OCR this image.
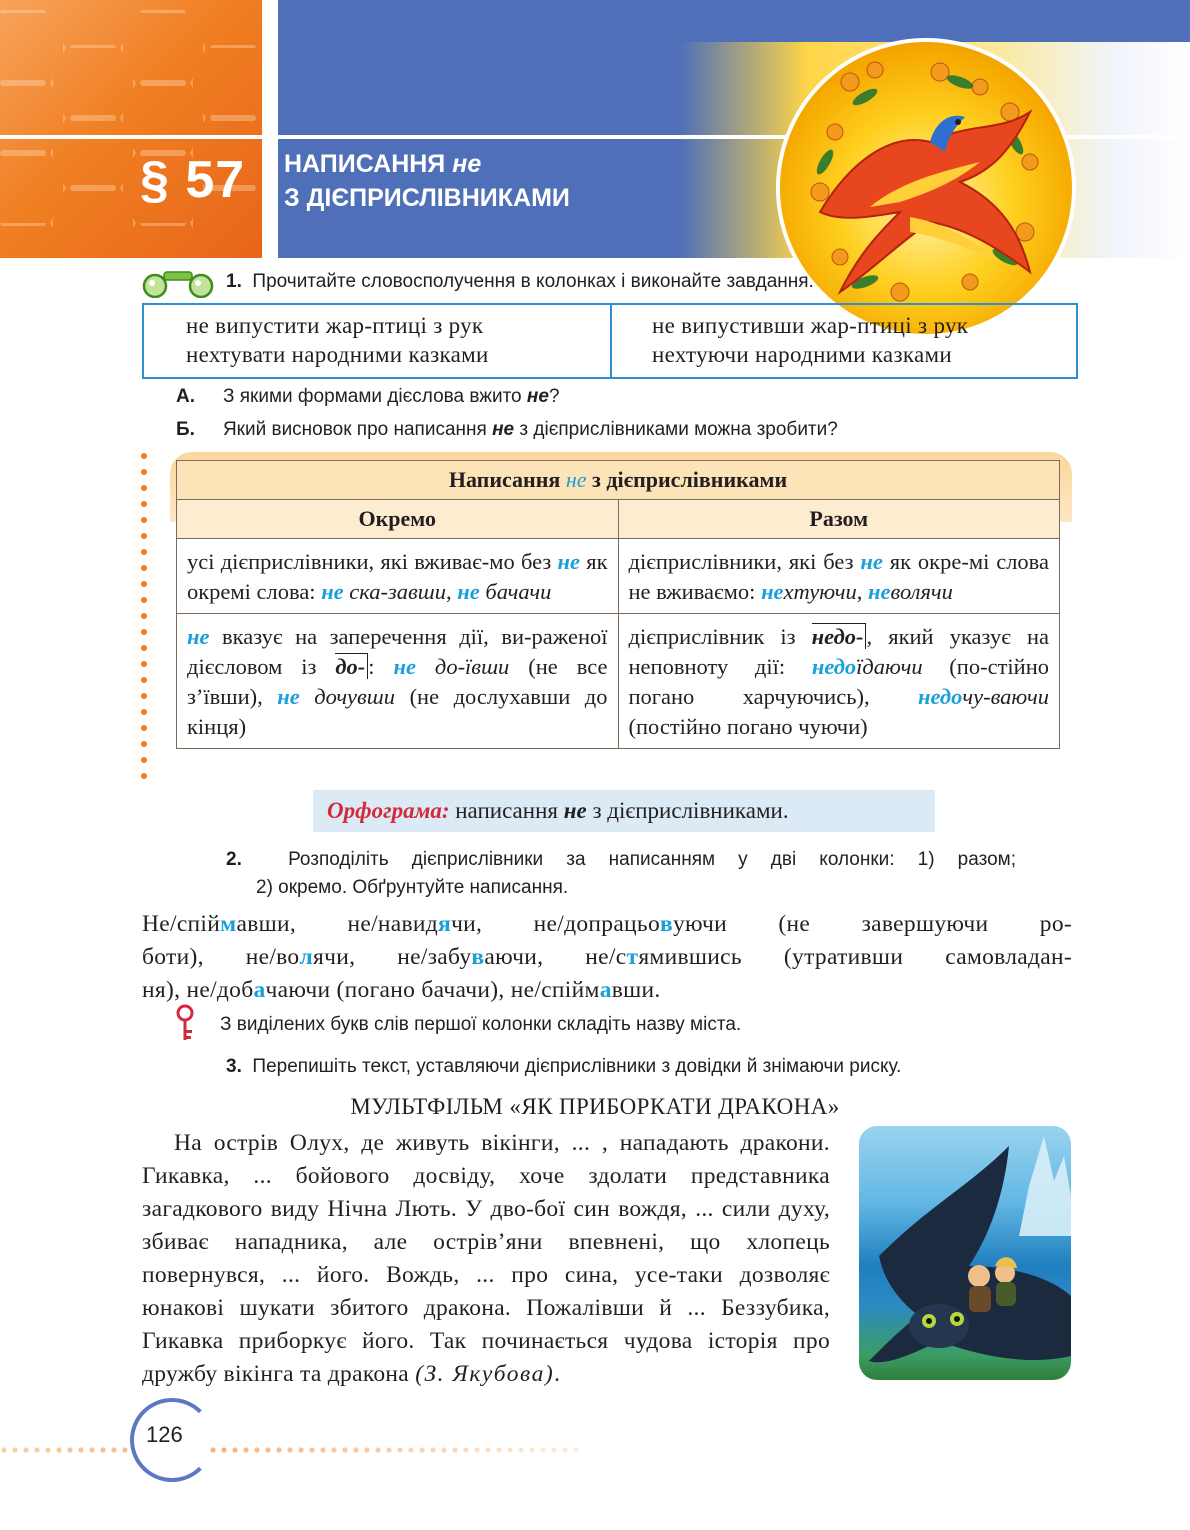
§ 57 НАПИСАННЯ не
З ДІЄПРИСЛІВНИКАМИ
1. Прочитайте словосполучення в колонках і виконайте завдання.
не випустити жар-птиці з рук
нехтувати народними казками
не випустивши жар-птиці з рук
нехтуючи народними казками
А. З якими формами дієслова вжито не?
Б. Який висновок про написання не з дієприслівниками можна зробити?
Написання не з дієприслівниками	
Окремо	Разом
усі дієприслівники, які вживає-мо без не як окремі слова: не ска-завши, не бачачи	дієприслівники, які без не як окре-мі слова не вживаємо: нехтуючи, неволячи
не вказує на заперечення дії, ви-раженої дієсловом із до- : не до-ївши (не все з’ївши), не дочувши (не дослухавши до кінця)	дієприслівник із недо- , який указує на неповноту дії: недоїдаючи (по-стійно погано харчуючись), недочу-ваючи (постійно погано чуючи)
Орфограма: написання не з дієприслівниками.
2. Розподіліть дієприслівники за написанням у дві колонки: 1) разом;
2) окремо. Обґрунтуйте написання.
Не/спіймавши, не/навидячи, не/допрацьовуючи (не завершуючи ро-
боти), не/волячи, не/забуваючи, не/стямившись (утративши самовладан-
ня), не/добачаючи (погано бачачи), не/спіймавши.
З виділених букв слів першої колонки складіть назву міста.
3. Перепишіть текст, уставляючи дієприслівники з довідки й знімаючи риску.
МУЛЬТФІЛЬМ «ЯК ПРИБОРКАТИ ДРАКОНА»
На острів Олух, де живуть вікінги, ... , нападають дракони. Гикавка, ... бойового досвіду, хоче здолати представника загадкового виду Нічна Лють. У дво-бої син вождя, ... сили духу, збиває нападника, але острів’яни впевнені, що хлопець повернувся, ... його. Вождь, ... про сина, усе-таки дозволяє юнакові шукати збитого дракона. Пожалівши й ... Беззубика, Гикавка приборкує його. Так починається чудова історія про дружбу вікінга та дракона (З. Якубова).
126
